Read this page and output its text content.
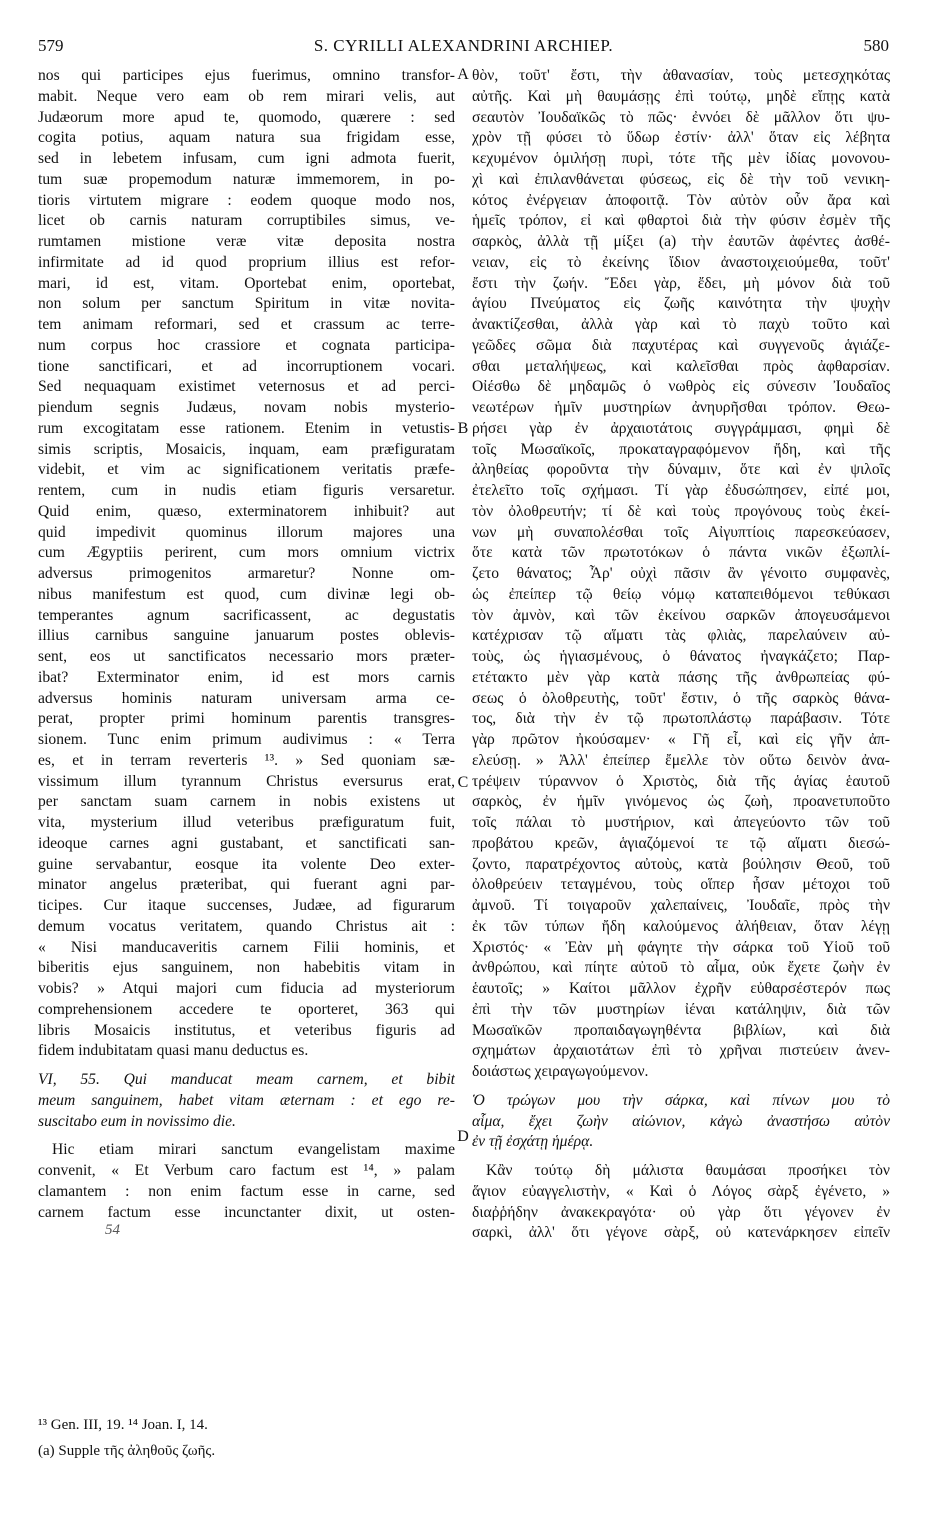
579	S. CYRILLI ALEXANDRINI ARCHIEP.	580
nos qui participes ejus fuerimus, omnino transfor-
mabit. Neque vero eam ob rem mirari velis, aut
Judæorum more apud te, quomodo, quærere : sed
cogita potius, aquam natura sua frigidam esse,
sed in lebetem infusam, cum igni admota fuerit,
tum suæ propemodum naturæ immemorem, in po-
tioris virtutem migrare : eodem quoque modo nos,
licet ob carnis naturam corruptibiles simus, ve-
rumtamen mistione veræ vitæ deposita nostra
infirmitate ad id quod proprium illius est refor-
mari, id est, vitam. Oportebat enim, oportebat,
non solum per sanctum Spiritum in vitæ novita-
tem animam reformari, sed et crassum ac terre-
num corpus hoc crassiore et cognata participa-
tione sanctificari, et ad incorruptionem vocari.
Sed nequaquam existimet veternosus et ad perci-
piendum segnis Judæus, novam nobis mysterio-
rum excogitatam esse rationem. Etenim in vetustis-
simis scriptis, Mosaicis, inquam, eam præfiguratam
videbit, et vim ac significationem veritatis præfe-
rentem, cum in nudis etiam figuris versaretur.
Quid enim, quæso, exterminatorem inhibuit? aut
quid impedivit quominus illorum majores una
cum Ægyptiis perirent, cum mors omnium victrix
adversus primogenitos armaretur? Nonne om-
nibus manifestum est quod, cum divinæ legi ob-
temperantes agnum sacrificassent, ac degustatis
illius carnibus sanguine januarum postes oblevis-
sent, eos ut sanctificatos necessario mors præter-
ibat? Exterminator enim, id est mors carnis
adversus hominis naturam universam arma ce-
perat, propter primi hominum parentis transgres-
sionem. Tunc enim primum audivimus : « Terra
es, et in terram reverteris ¹³. » Sed quoniam sæ-
vissimum illum tyrannum Christus eversurus erat,
per sanctam suam carnem in nobis existens ut
vita, mysterium illud veteribus præfiguratum fuit,
ideoque carnes agni gustabant, et sanctificati san-
guine servabantur, eosque ita volente Deo exter-
minator angelus præteribat, qui fuerant agni par-
ticipes. Cur itaque succenses, Judæe, ad figurarum
demum vocatus veritatem, quando Christus ait :
« Nisi manducaveritis carnem Filii hominis, et
biberitis ejus sanguinem, non habebitis vitam in
vobis? » Atqui majori cum fiducia ad mysteriorum
comprehensionem accedere te oporteret, 363 qui
libris Mosaicis institutus, et veteribus figuris ad
fidem indubitatam quasi manu deductus es.
VI, 55. Qui manducat meam carnem, et bibit
meum sanguinem, habet vitam æternam : et ego re-
suscitabo eum in novissimo die.
Hic etiam mirari sanctum evangelistam maxime
convenit, « Et Verbum caro factum est ¹⁴, » palam
clamantem : non enim factum esse in carne, sed
carnem factum esse incunctanter dixit, ut osten-
θὸν, τοῦτ' ἔστι, τὴν ἀθανασίαν, τοὺς μετεσχηκότας
αὐτῆς. Καὶ μὴ θαυμάσῃς ἐπὶ τούτῳ, μηδὲ εἴπῃς κατὰ
σεαυτὸν Ἰουδαϊκῶς τὸ πῶς· ἐννόει δὲ μᾶλλον ὅτι ψυ-
χρὸν τῇ φύσει τὸ ὕδωρ ἐστίν· ἀλλ' ὅταν εἰς λέβητα
κεχυμένον ὁμιλήσῃ πυρὶ, τότε τῆς μὲν ἰδίας μονονου-
χὶ καὶ ἐπιλανθάνεται φύσεως, εἰς δὲ τὴν τοῦ νενικη-
κότος ἐνέργειαν ἀποφοιτᾷ. Τὸν αὐτὸν οὖν ἄρα καὶ
ἡμεῖς τρόπον, εἰ καὶ φθαρτοὶ διὰ τὴν φύσιν ἐσμὲν τῆς
σαρκὸς, ἀλλὰ τῇ μίξει (a) τὴν ἑαυτῶν ἀφέντες ἀσθέ-
νειαν, εἰς τὸ ἐκείνης ἴδιον ἀναστοιχειούμεθα, τοῦτ'
ἔστι τὴν ζωήν. Ἔδει γὰρ, ἔδει, μὴ μόνον διὰ τοῦ
ἁγίου Πνεύματος εἰς ζωῆς καινότητα τὴν ψυχὴν
ἀνακτίζεσθαι, ἀλλὰ γὰρ καὶ τὸ παχὺ τοῦτο καὶ
γεῶδες σῶμα διὰ παχυτέρας καὶ συγγενοῦς ἁγιάζε-
σθαι μεταλήψεως, καὶ καλεῖσθαι πρὸς ἀφθαρσίαν.
Οἰέσθω δὲ μηδαμῶς ὁ νωθρὸς εἰς σύνεσιν Ἰουδαῖος
νεωτέρων ἡμῖν μυστηρίων ἀνηυρῆσθαι τρόπον. Θεω-
ρήσει γὰρ ἐν ἀρχαιοτάτοις συγγράμμασι, φημὶ δὲ
τοῖς Μωσαϊκοῖς, προκαταγραφόμενον ἤδη, καὶ τῆς
ἀληθείας φοροῦντα τὴν δύναμιν, ὅτε καὶ ἐν ψιλοῖς
ἐτελεῖτο τοῖς σχήμασι. Τί γὰρ ἐδυσώπησεν, εἰπέ μοι,
τὸν ὀλοθρευτήν; τί δὲ καὶ τοὺς προγόνους τοὺς ἐκεί-
νων μὴ συναπολέσθαι τοῖς Αἰγυπτίοις παρεσκεύασεν,
ὅτε κατὰ τῶν πρωτοτόκων ὁ πάντα νικῶν ἐξωπλί-
ζετο θάνατος; Ἆρ' οὐχὶ πᾶσιν ἂν γένοιτο συμφανὲς,
ὡς ἐπείπερ τῷ θείῳ νόμῳ καταπειθόμενοι τεθύκασι
τὸν ἀμνὸν, καὶ τῶν ἐκείνου σαρκῶν ἀπογευσάμενοι
κατέχρισαν τῷ αἵματι τὰς φλιὰς, παρελαύνειν αὐ-
τοὺς, ὡς ἡγιασμένους, ὁ θάνατος ἠναγκάζετο; Παρ-
ετέτακτο μὲν γὰρ κατὰ πάσης τῆς ἀνθρωπείας φύ-
σεως ὁ ὀλοθρευτὴς, τοῦτ' ἔστιν, ὁ τῆς σαρκὸς θάνα-
τος, διὰ τὴν ἐν τῷ πρωτοπλάστῳ παράβασιν. Τότε
γὰρ πρῶτον ἠκούσαμεν· « Γῆ εἶ, καὶ εἰς γῆν ἀπ-
ελεύσῃ. » Ἀλλ' ἐπείπερ ἔμελλε τὸν οὕτω δεινὸν ἀνα-
τρέψειν τύραννον ὁ Χριστὸς, διὰ τῆς ἁγίας ἑαυτοῦ
σαρκὸς, ἐν ἡμῖν γινόμενος ὡς ζωὴ, προανετυποῦτο
τοῖς πάλαι τὸ μυστήριον, καὶ ἀπεγεύοντο τῶν τοῦ
προβάτου κρεῶν, ἁγιαζόμενοί τε τῷ αἵματι διεσώ-
ζοντο, παρατρέχοντος αὐτοὺς, κατὰ βούλησιν Θεοῦ, τοῦ
ὀλοθρεύειν τεταγμένου, τοὺς οἵπερ ἦσαν μέτοχοι τοῦ
ἀμνοῦ. Τί τοιγαροῦν χαλεπαίνεις, Ἰουδαῖε, πρὸς τὴν
ἐκ τῶν τύπων ἤδη καλούμενος ἀλήθειαν, ὅταν λέγῃ
Χριστός· « Ἐὰν μὴ φάγητε τὴν σάρκα τοῦ Υἱοῦ τοῦ
ἀνθρώπου, καὶ πίητε αὐτοῦ τὸ αἷμα, οὐκ ἔχετε ζωὴν ἐν
ἑαυτοῖς; » Καίτοι μᾶλλον ἐχρῆν εὐθαρσέστερόν πως
ἐπὶ τὴν τῶν μυστηρίων ἰέναι κατάληψιν, διὰ τῶν
Μωσαϊκῶν προπαιδαγωγηθέντα βιβλίων, καὶ διὰ
σχημάτων ἀρχαιοτάτων ἐπὶ τὸ χρῆναι πιστεύειν ἀνεν-
δοιάστως χειραγωγούμενον.
Ὁ τρώγων μου τὴν σάρκα, καὶ πίνων μου τὸ
αἷμα, ἔχει ζωὴν αἰώνιον, κἀγὼ ἀναστήσω αὐτὸν
ἐν τῇ ἐσχάτῃ ἡμέρᾳ.
Κἂν τούτῳ δὴ μάλιστα θαυμάσαι προσήκει τὸν
ἅγιον εὐαγγελιστὴν, « Καὶ ὁ Λόγος σὰρξ ἐγένετο, »
διαῤῥήδην ἀνακεκραγότα· οὐ γὰρ ὅτι γέγονεν ἐν
σαρκὶ, ἀλλ' ὅτι γέγονε σὰρξ, οὐ κατενάρκησεν εἰπεῖν
A
B
C
D
54
¹³ Gen. III, 19. ¹⁴ Joan. I, 14.
(a) Supple τῆς ἀληθοῦς ζωῆς.
